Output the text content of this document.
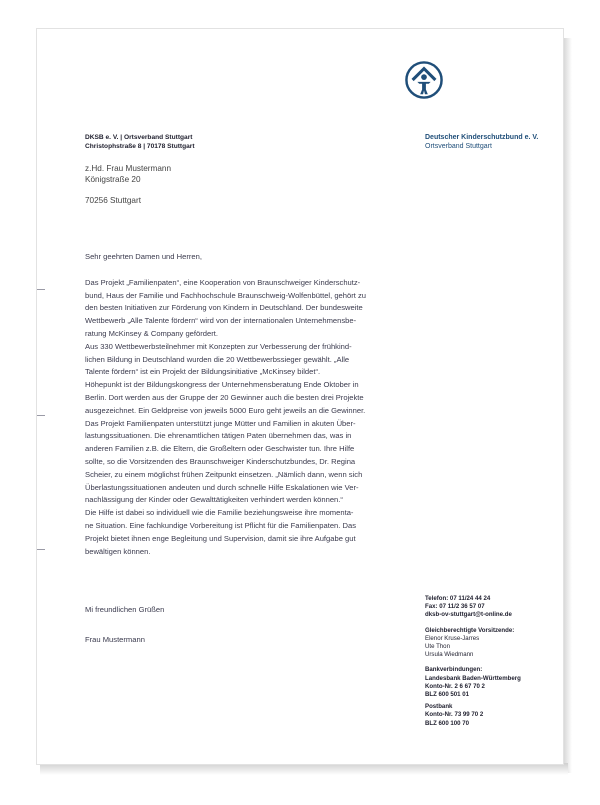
Deutscher Kinderschutzbund e. V.
Ortsverband Stuttgart
DKSB e. V. | Ortsverband Stuttgart
Christophstraße 8 | 70178 Stuttgart
z.Hd. Frau Mustermann
Königstraße 20
70256 Stuttgart

Sehr geehrten Damen und Herren,

Das Projekt „Familienpaten“, eine Kooperation von Braunschweiger Kinderschutz-

bund, Haus der Familie und Fachhochschule Braunschweig-Wolfenbüttel, gehört zu

den besten Initiativen zur Förderung von Kindern in Deutschland. Der bundesweite

Wettbewerb „Alle Talente fördern“ wird von der internationalen Unternehmensbe-

ratung McKinsey & Company gefördert.

Aus 330 Wettbewerbsteilnehmer mit Konzepten zur Verbesserung der frühkind-

lichen Bildung in Deutschland wurden die 20 Wettbewerbssieger gewählt. „Alle

Talente fördern“ ist ein Projekt der Bildungsinitiative „McKinsey bildet“.

Höhepunkt ist der Bildungskongress der Unternehmensberatung Ende Oktober in

Berlin. Dort werden aus der Gruppe der 20 Gewinner auch die besten drei Projekte

ausgezeichnet. Ein Geldpreise von jeweils 5000 Euro geht jeweils an die Gewinner.

Das Projekt Familienpaten unterstützt junge Mütter und Familien in akuten Über-

lastungssituationen. Die ehrenamtlichen tätigen Paten übernehmen das, was in

anderen Familien z.B. die Eltern, die Großeltern oder Geschwister tun. Ihre Hilfe

sollte, so die Vorsitzenden des Braunschweiger Kinderschutzbundes, Dr. Regina

Scheier, zu einem möglichst frühen Zeitpunkt einsetzen. „Nämlich dann, wenn sich

Überlastungssituationen andeuten und durch schnelle Hilfe Eskalationen wie Ver-

nachlässigung der Kinder oder Gewalttätigkeiten verhindert werden können.“

Die Hilfe ist dabei so individuell wie die Familie beziehungsweise ihre momenta-

ne Situation. Eine fachkundige Vorbereitung ist Pflicht für die Familienpaten. Das

Projekt bietet ihnen enge Begleitung und Supervision, damit sie ihre Aufgabe gut

bewältigen können.

Mi freundlichen Grüßen
Frau Mustermann
Telefon: 07 11/24 44 24
Fax: 07 11/2 36 57 07
dksb-ov-stuttgart@t-online.de
Gleichberechtigte Vorsitzende:
Elenor Kruse-Jarres
Ute Thon
Ursula Wiedmann
Bankverbindungen:
Landesbank Baden-Württemberg
Konto-Nr. 2 6 67 70 2
BLZ 600 501 01
Postbank
Konto-Nr. 73 99 70 2
BLZ 600 100 70
